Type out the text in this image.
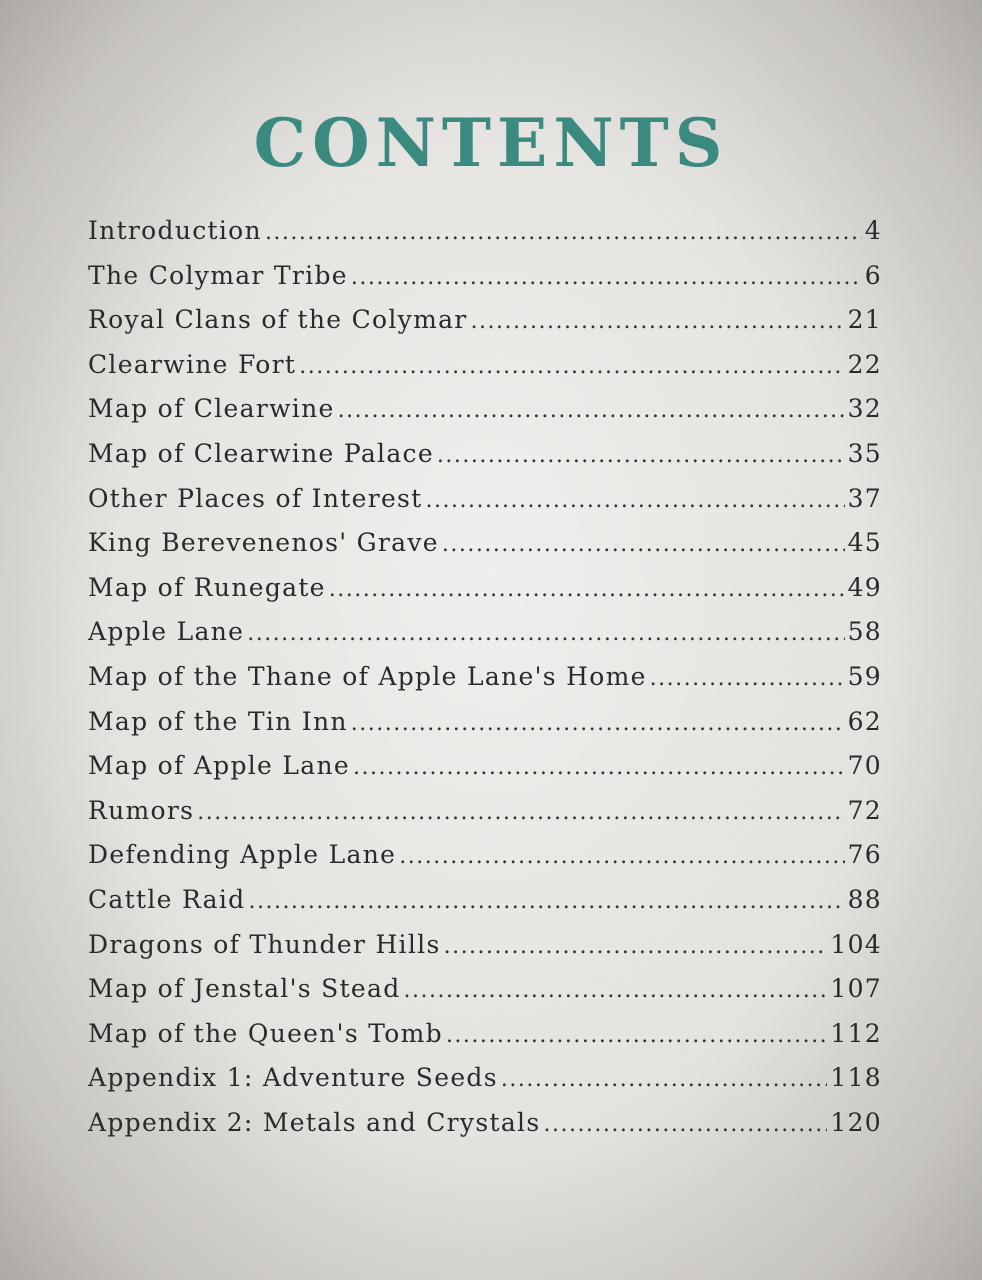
CONTENTS
Introduction .....	4
The Colymar Tribe .....	6
Royal Clans of the Colymar .....	21
Clearwine Fort .....	22
Map of Clearwine .....	32
Map of Clearwine Palace .....	35
Other Places of Interest .....	37
King Berevenenos' Grave .....	45
Map of Runegate .....	49
Apple Lane .....	58
Map of the Thane of Apple Lane's Home .....	59
Map of the Tin Inn .....	62
Map of Apple Lane .....	70
Rumors .....	72
Defending Apple Lane .....	76
Cattle Raid .....	88
Dragons of Thunder Hills .....	104
Map of Jenstal's Stead .....	107
Map of the Queen's Tomb .....	112
Appendix 1: Adventure Seeds .....	118
Appendix 2: Metals and Crystals .....	120
